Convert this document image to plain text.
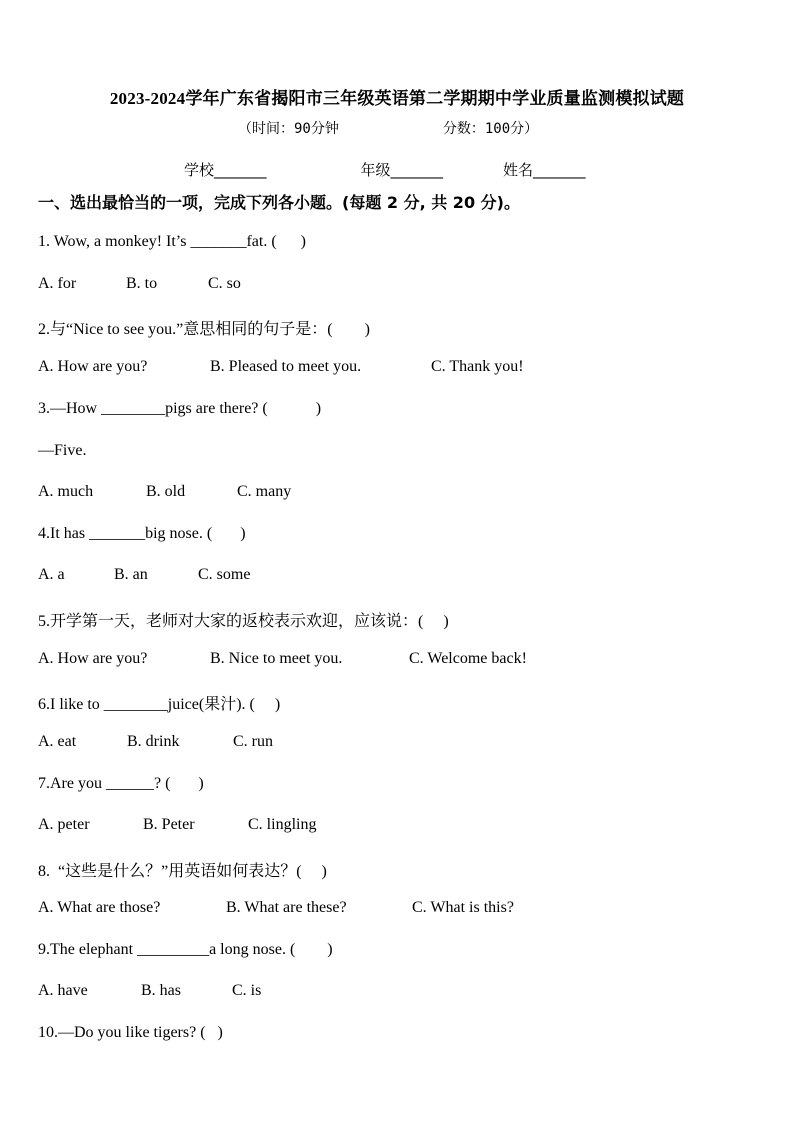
2023-2024学年广东省揭阳市三年级英语第二学期期中学业质量监测模拟试题
（时间：90分钟	分数：100分）
学校_______	年级_______	姓名_______
一、选出最恰当的一项，完成下列各小题。(每题 2 分, 共 20 分)。
1. Wow, a monkey! It’s _______fat. (      )
A. for	B. to	C. so
2.与“Nice to see you.”意思相同的句子是：(        )
A. How are you?	B. Pleased to meet you.	C. Thank you!
3.—How ________pigs are there? (            )
—Five.
A. much	B. old	C. many
4.It has _______big nose. (       )
A. a	B. an	C. some
5.开学第一天，老师对大家的返校表示欢迎，应该说：(     )
A. How are you?	B. Nice to meet you.	C. Welcome back!
6.I like to ________juice(果汁). (     )
A. eat	B. drink	C. run
7.Are you ______? (       )
A. peter	B. Peter	C. lingling
8.  “这些是什么？”用英语如何表达？(     )
A. What are those?	B. What are these?	C. What is this?
9.The elephant _________a long nose. (        )
A. have	B. has	C. is
10.—Do you like tigers? (   )
